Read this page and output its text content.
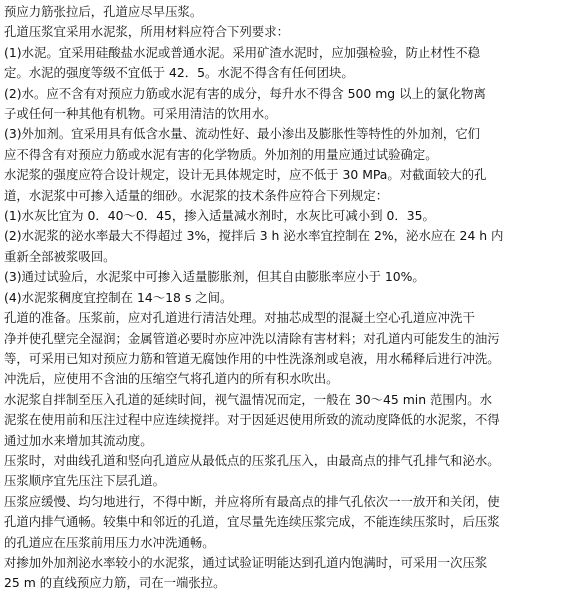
预应力筋张拉后，孔道应尽早压浆。
孔道压浆宜采用水泥浆，所用材料应符合下列要求：
(1)水泥。宜采用硅酸盐水泥或普通水泥。采用矿渣水泥时，应加强检验，防止材性不稳
定。水泥的强度等级不宜低于 42．5。水泥不得含有任何团块。
(2)水。应不含有对预应力筋或水泥有害的成分，每升水不得含 500 mg 以上的氯化物离
子或任何一种其他有机物。可采用清洁的饮用水。
(3)外加剂。宜采用具有低含水量、流动性好、最小渗出及膨胀性等特性的外加剂，它们
应不得含有对预应力筋或水泥有害的化学物质。外加剂的用量应通过试验确定。
水泥浆的强度应符合设计规定，设计无具体规定时，应不低于 30 MPa。对截面较大的孔
道，水泥浆中可掺入适量的细砂。水泥浆的技术条件应符合下列规定：
(1)水灰比宜为 0．40～0．45，掺入适量减水剂时，水灰比可减小到 0．35。
(2)水泥浆的泌水率最大不得超过 3%，搅拌后 3 h 泌水率宜控制在 2%，泌水应在 24 h 内
重新全部被浆吸回。
(3)通过试验后，水泥浆中可掺入适量膨胀剂，但其自由膨胀率应小于 10%。
(4)水泥浆稠度宜控制在 14～18 s 之间。
孔道的准备。压浆前，应对孔道进行清洁处理。对抽芯成型的混凝土空心孔道应冲洗干
净并使孔壁完全湿润；金属管道必要时亦应冲洗以清除有害材料；对孔道内可能发生的油污
等，可采用已知对预应力筋和管道无腐蚀作用的中性洗涤剂或皂液，用水稀释后进行冲洗。
冲洗后，应使用不含油的压缩空气将孔道内的所有积水吹出。
水泥浆自拌制至压入孔道的延续时间，视气温情况而定，一般在 30～45 min 范围内。水
泥浆在使用前和压注过程中应连续搅拌。对于因延迟使用所致的流动度降低的水泥浆，不得
通过加水来增加其流动度。
压浆时，对曲线孔道和竖向孔道应从最低点的压浆孔压入，由最高点的排气孔排气和泌水。
压浆顺序宜先压注下层孔道。
压浆应缓慢、均匀地进行，不得中断，并应将所有最高点的排气孔依次一一放开和关闭，使
孔道内排气通畅。较集中和邻近的孔道，宜尽量先连续压浆完成，不能连续压浆时，后压浆
的孔道应在压浆前用压力水冲洗通畅。
对掺加外加剂泌水率较小的水泥浆，通过试验证明能达到孔道内饱满时，可采用一次压浆
25 m 的直线预应力筋，司在一端张拉。
